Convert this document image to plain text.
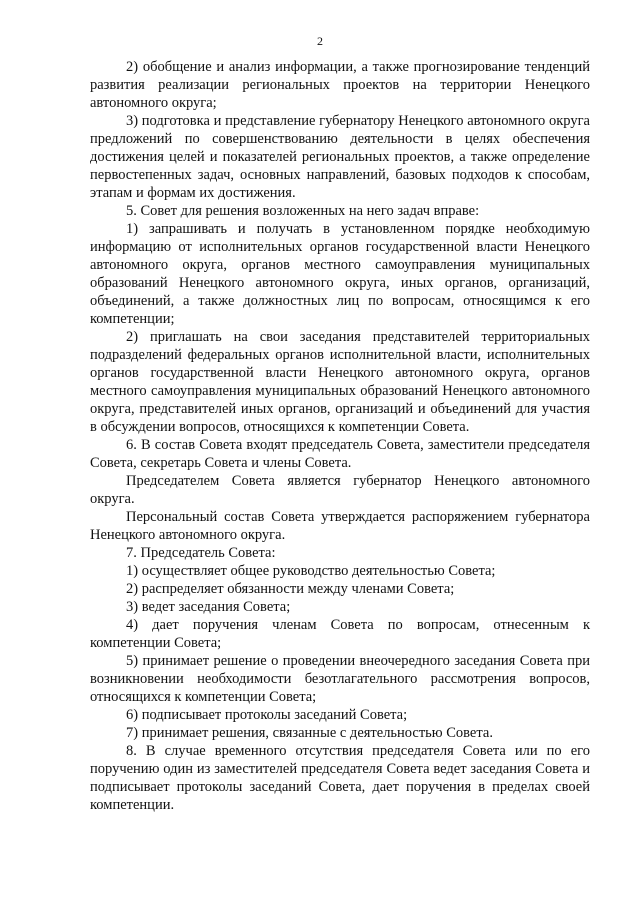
2

2) обобщение и анализ информации, а также прогнозирование тенденций развития реализации региональных проектов на территории Ненецкого автономного округа;

3) подготовка и представление губернатору Ненецкого автономного округа предложений по совершенствованию деятельности в целях обеспечения достижения целей и показателей региональных проектов, а также определение первостепенных задач, основных направлений, базовых подходов к способам, этапам и формам их достижения.

5. Совет для решения возложенных на него задач вправе:

1) запрашивать и получать в установленном порядке необходимую информацию от исполнительных органов государственной власти Ненецкого автономного округа, органов местного самоуправления муниципальных образований Ненецкого автономного округа, иных органов, организаций, объединений, а также должностных лиц по вопросам, относящимся к его компетенции;

2) приглашать на свои заседания представителей территориальных подразделений федеральных органов исполнительной власти, исполнительных органов государственной власти Ненецкого автономного округа, органов местного самоуправления муниципальных образований Ненецкого автономного округа, представителей иных органов, организаций и объединений для участия в обсуждении вопросов, относящихся к компетенции Совета.

6. В состав Совета входят председатель Совета, заместители председателя Совета, секретарь Совета и члены Совета.

Председателем Совета является губернатор Ненецкого автономного округа.

Персональный состав Совета утверждается распоряжением губернатора Ненецкого автономного округа.

7. Председатель Совета:

1) осуществляет общее руководство деятельностью Совета;

2) распределяет обязанности между членами Совета;

3) ведет заседания Совета;

4) дает поручения членам Совета по вопросам, отнесенным к компетенции Совета;

5) принимает решение о проведении внеочередного заседания Совета при возникновении необходимости безотлагательного рассмотрения вопросов, относящихся к компетенции Совета;

6) подписывает протоколы заседаний Совета;

7) принимает решения, связанные с деятельностью Совета.

8. В случае временного отсутствия председателя Совета или по его поручению один из заместителей председателя Совета ведет заседания Совета и подписывает протоколы заседаний Совета, дает поручения в пределах своей компетенции.
